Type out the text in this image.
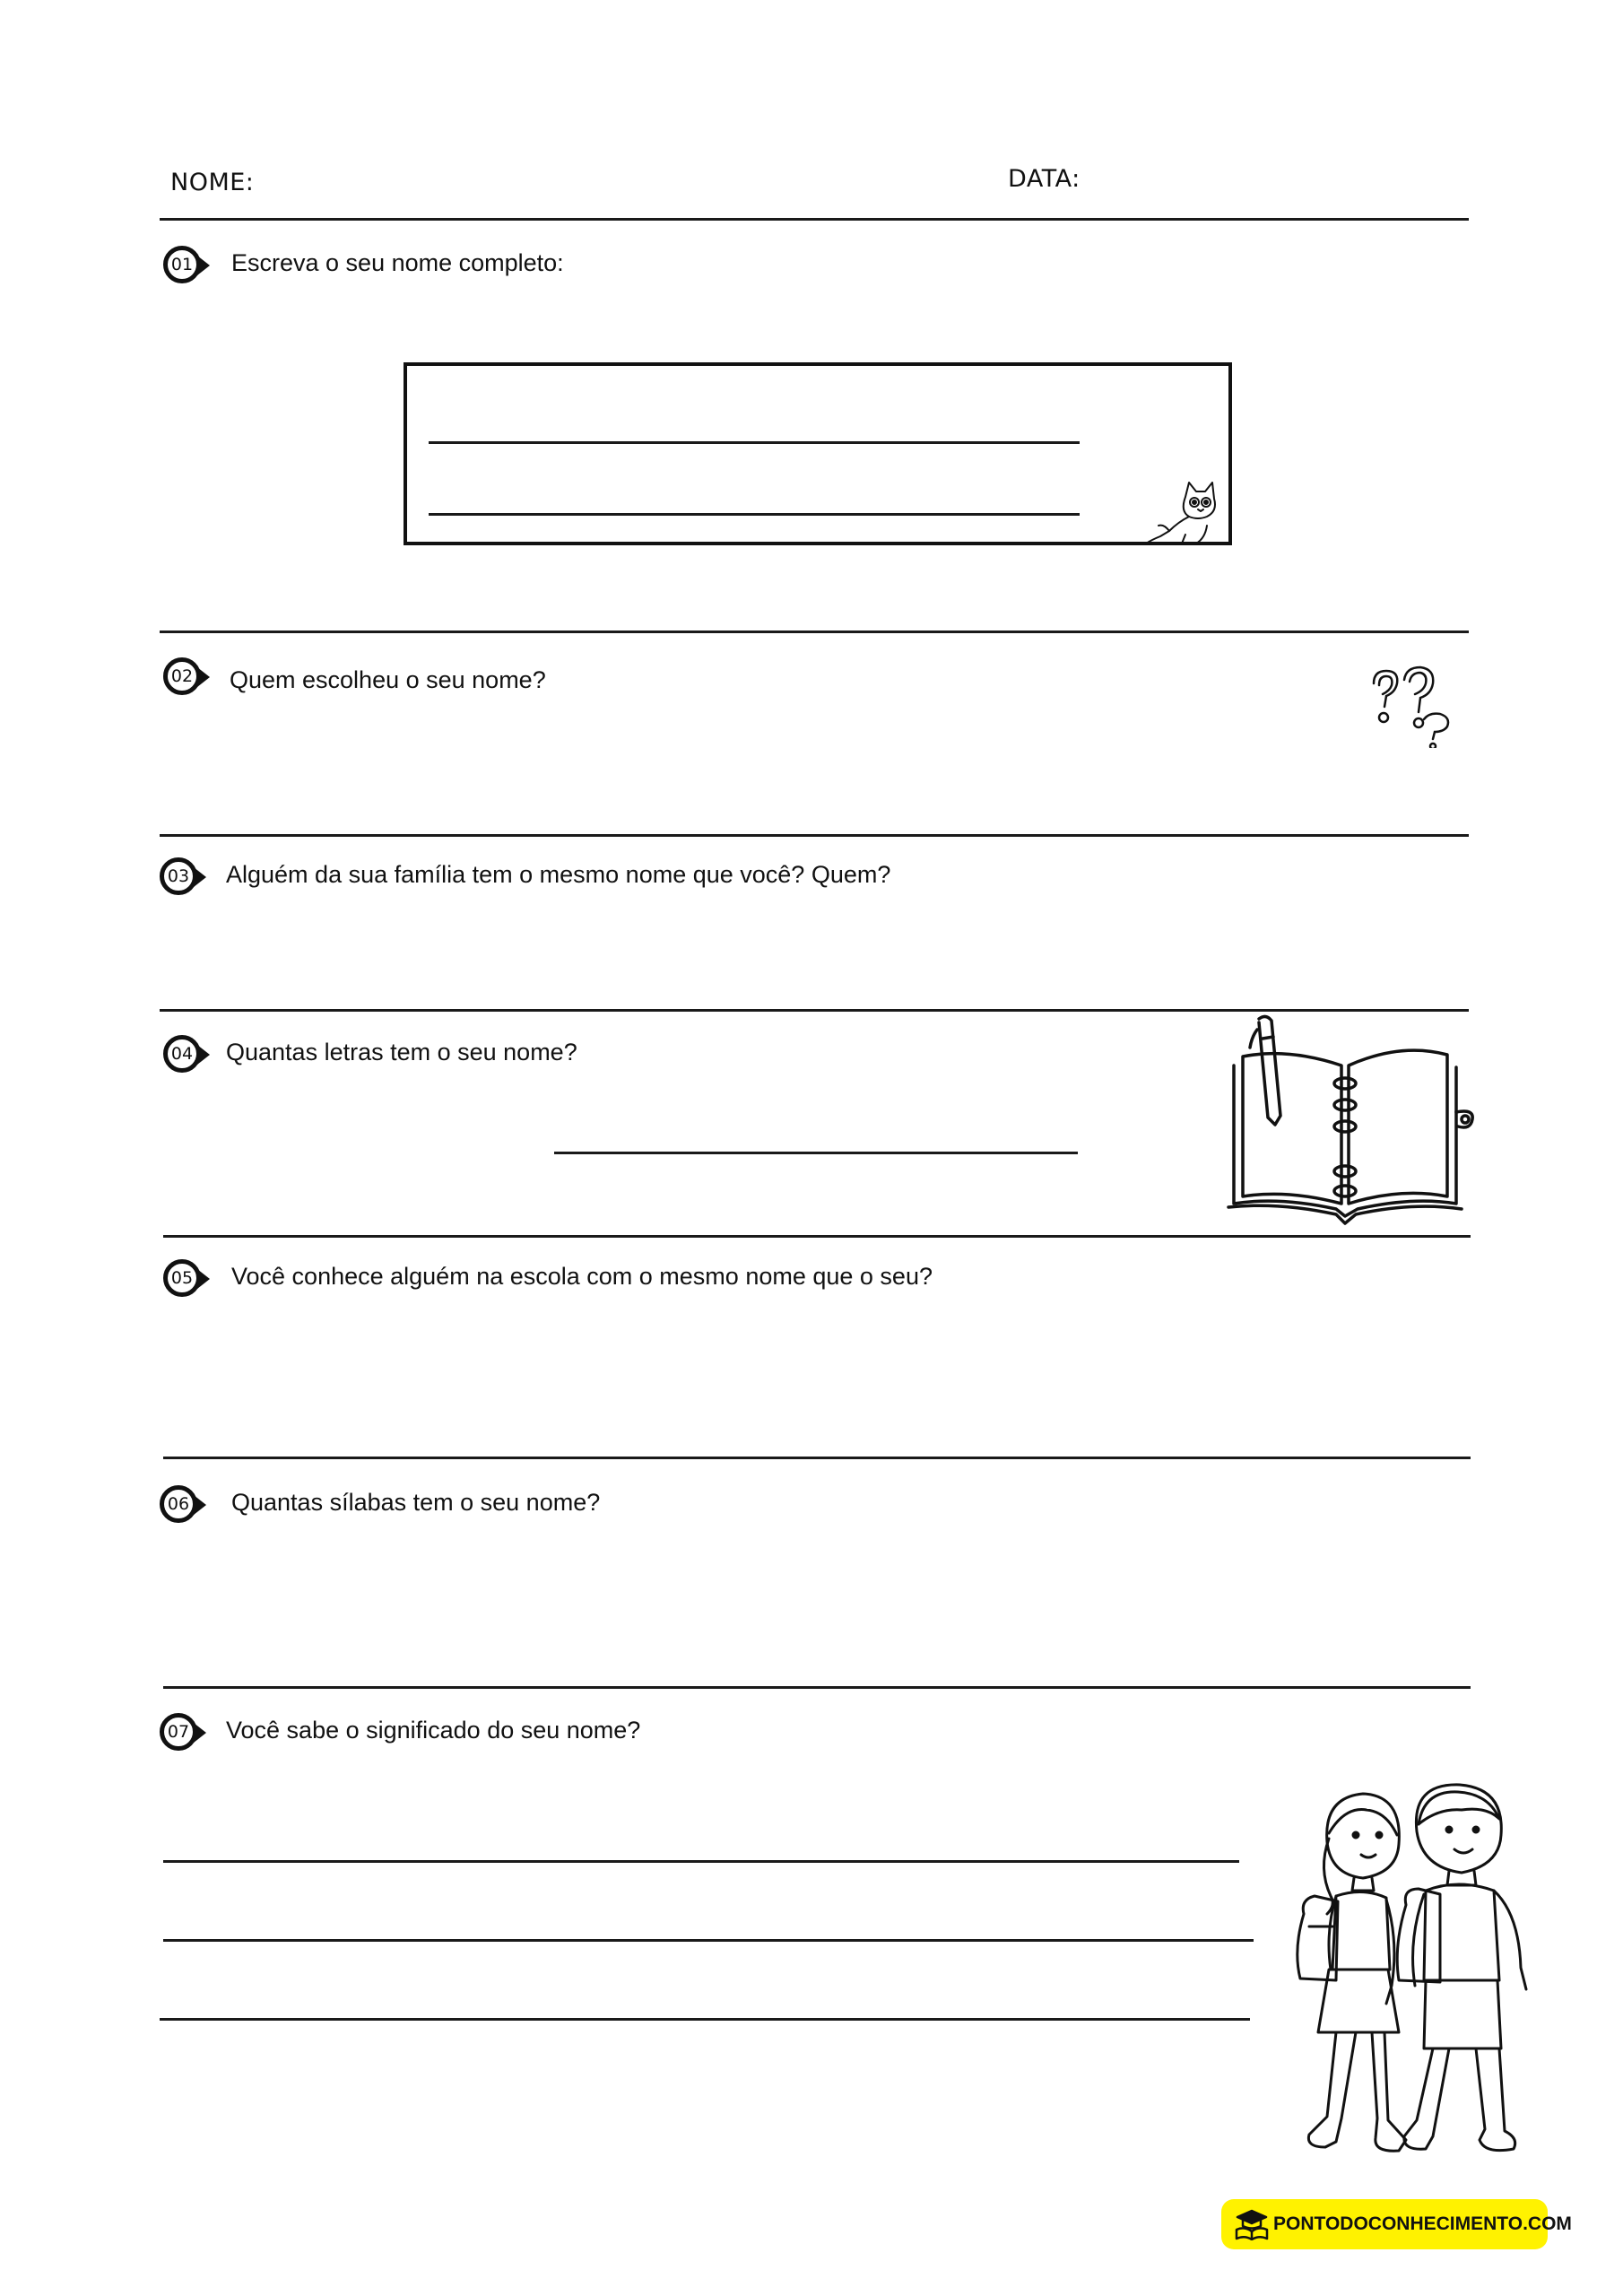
NOME:	DATA:
01	Escreva o seu nome completo:
02	Quem escolheu o seu nome?
03	Alguém da sua família tem o mesmo nome que você? Quem?
04	Quantas letras tem o seu nome?
05	Você conhece alguém na escola com o mesmo nome que o seu?
06	Quantas sílabas tem o seu nome?
07	Você sabe o significado do seu nome?
PONTODOCONHECIMENTO.COM
